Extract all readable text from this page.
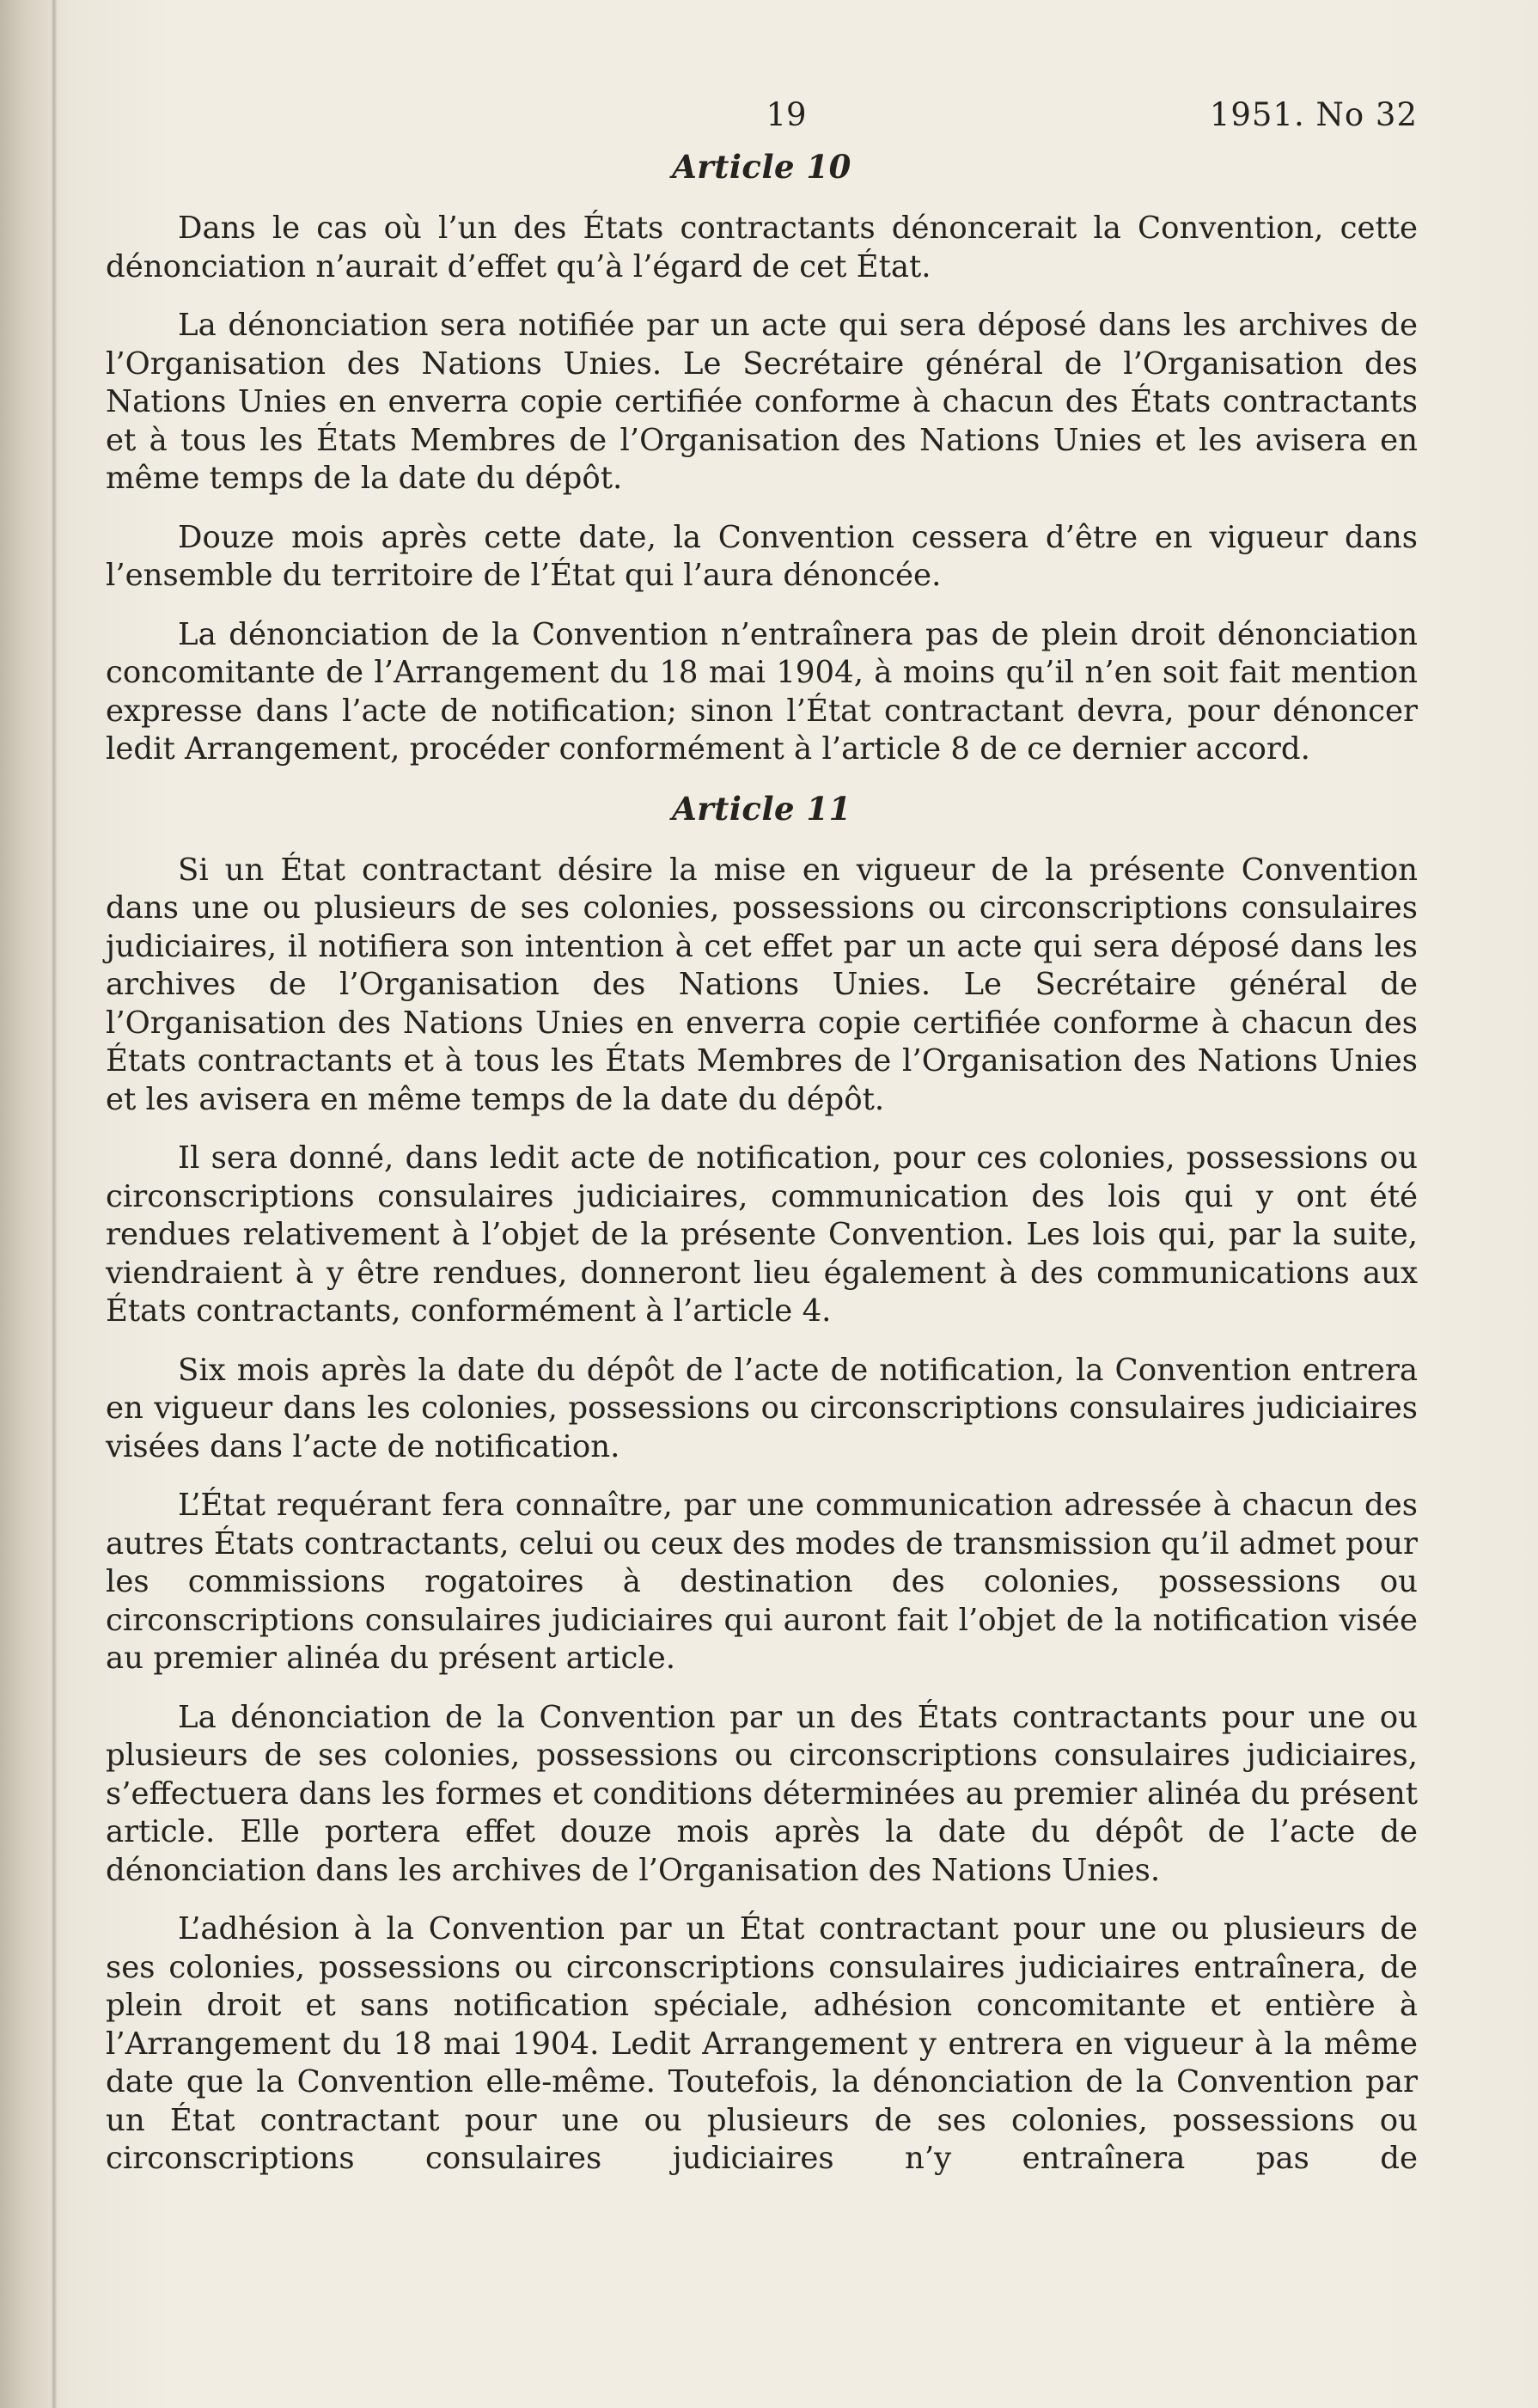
19	1951. No 32
Article 10

Dans le cas où l’un des États contractants dénoncerait la Convention, cette dénonciation n’aurait d’effet qu’à l’égard de cet État.

La dénonciation sera notifiée par un acte qui sera déposé dans les archives de l’Organisation des Nations Unies. Le Secrétaire général de l’Organisation des Nations Unies en enverra copie certifiée conforme à chacun des États contractants et à tous les États Membres de l’Organisation des Nations Unies et les avisera en même temps de la date du dépôt.

Douze mois après cette date, la Convention cessera d’être en vigueur dans l’ensemble du territoire de l’État qui l’aura dénoncée.

La dénonciation de la Convention n’entraînera pas de plein droit dénonciation concomitante de l’Arrangement du 18 mai 1904, à moins qu’il n’en soit fait mention expresse dans l’acte de notification; sinon l’État contractant devra, pour dénoncer ledit Arrangement, procéder conformément à l’article 8 de ce dernier accord.

Article 11

Si un État contractant désire la mise en vigueur de la présente Convention dans une ou plusieurs de ses colonies, possessions ou circonscriptions consulaires judiciaires, il notifiera son intention à cet effet par un acte qui sera déposé dans les archives de l’Organisation des Nations Unies. Le Secrétaire général de l’Organisation des Nations Unies en enverra copie certifiée conforme à chacun des États contractants et à tous les États Membres de l’Organisation des Nations Unies et les avisera en même temps de la date du dépôt.

Il sera donné, dans ledit acte de notification, pour ces colonies, possessions ou circonscriptions consulaires judiciaires, communication des lois qui y ont été rendues relativement à l’objet de la présente Convention. Les lois qui, par la suite, viendraient à y être rendues, donneront lieu également à des communications aux États contractants, conformément à l’article 4.

Six mois après la date du dépôt de l’acte de notification, la Convention entrera en vigueur dans les colonies, possessions ou circonscriptions consulaires judiciaires visées dans l’acte de notification.

L’État requérant fera connaître, par une communication adressée à chacun des autres États contractants, celui ou ceux des modes de transmission qu’il admet pour les commissions rogatoires à destination des colonies, possessions ou circonscriptions consulaires judiciaires qui auront fait l’objet de la notification visée au premier alinéa du présent article.

La dénonciation de la Convention par un des États contractants pour une ou plusieurs de ses colonies, possessions ou circonscriptions consulaires judiciaires, s’effectuera dans les formes et conditions déterminées au premier alinéa du présent article. Elle portera effet douze mois après la date du dépôt de l’acte de dénonciation dans les archives de l’Organisation des Nations Unies.

L’adhésion à la Convention par un État contractant pour une ou plusieurs de ses colonies, possessions ou circonscriptions consulaires judiciaires entraînera, de plein droit et sans notification spéciale, adhésion concomitante et entière à l’Arrangement du 18 mai 1904. Ledit Arrangement y entrera en vigueur à la même date que la Convention elle-même. Toutefois, la dénonciation de la Convention par un État contractant pour une ou plusieurs de ses colonies, possessions ou circonscriptions consulaires judiciaires n’y entraînera pas de
